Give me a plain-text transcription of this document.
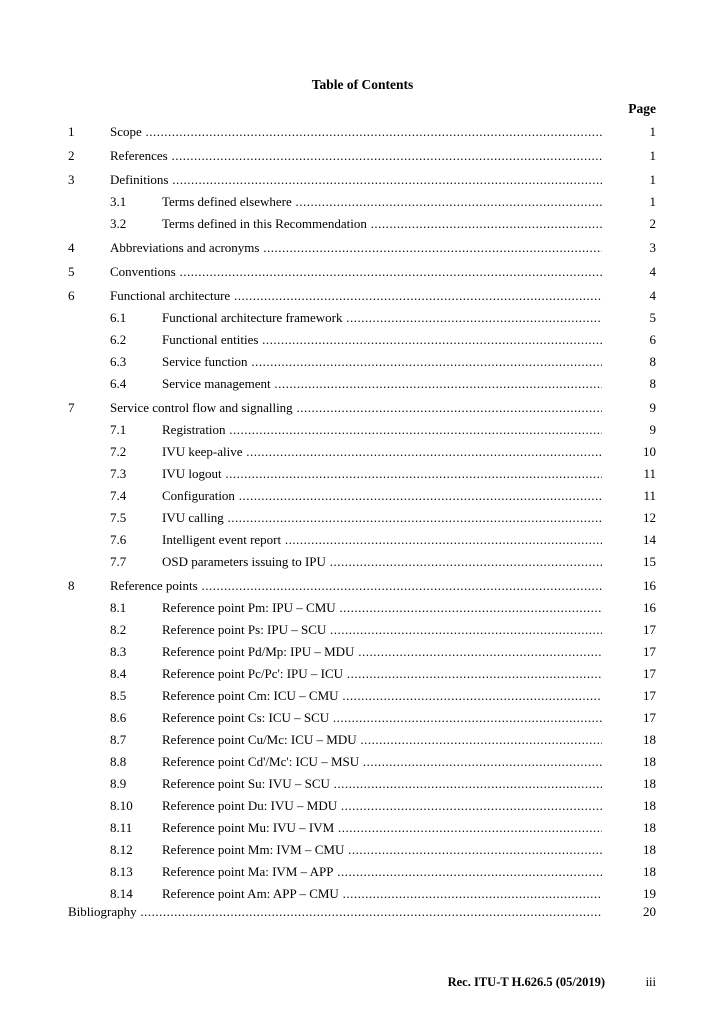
Table of Contents
Page
1	Scope .....	1
2	References .....	1
3	Definitions .....	1
3.1	Terms defined elsewhere .....	1
3.2	Terms defined in this Recommendation .....	2
4	Abbreviations and acronyms .....	3
5	Conventions .....	4
6	Functional architecture .....	4
6.1	Functional architecture framework .....	5
6.2	Functional entities .....	6
6.3	Service function .....	8
6.4	Service management .....	8
7	Service control flow and signalling .....	9
7.1	Registration .....	9
7.2	IVU keep-alive .....	10
7.3	IVU logout .....	11
7.4	Configuration .....	11
7.5	IVU calling .....	12
7.6	Intelligent event report .....	14
7.7	OSD parameters issuing to IPU .....	15
8	Reference points .....	16
8.1	Reference point Pm: IPU – CMU .....	16
8.2	Reference point Ps: IPU – SCU .....	17
8.3	Reference point Pd/Mp: IPU – MDU .....	17
8.4	Reference point Pc/Pc': IPU – ICU .....	17
8.5	Reference point Cm: ICU – CMU .....	17
8.6	Reference point Cs: ICU – SCU .....	17
8.7	Reference point Cu/Mc: ICU – MDU .....	18
8.8	Reference point Cd'/Mc': ICU – MSU .....	18
8.9	Reference point Su: IVU – SCU .....	18
8.10 Reference point Du: IVU – MDU .....	18
8.11 Reference point Mu: IVU – IVM .....	18
8.12 Reference point Mm: IVM – CMU .....	18
8.13 Reference point Ma: IVM – APP .....	18
8.14 Reference point Am: APP – CMU .....	19
Bibliography .....	20
Rec. ITU-T H.626.5 (05/2019)	iii
